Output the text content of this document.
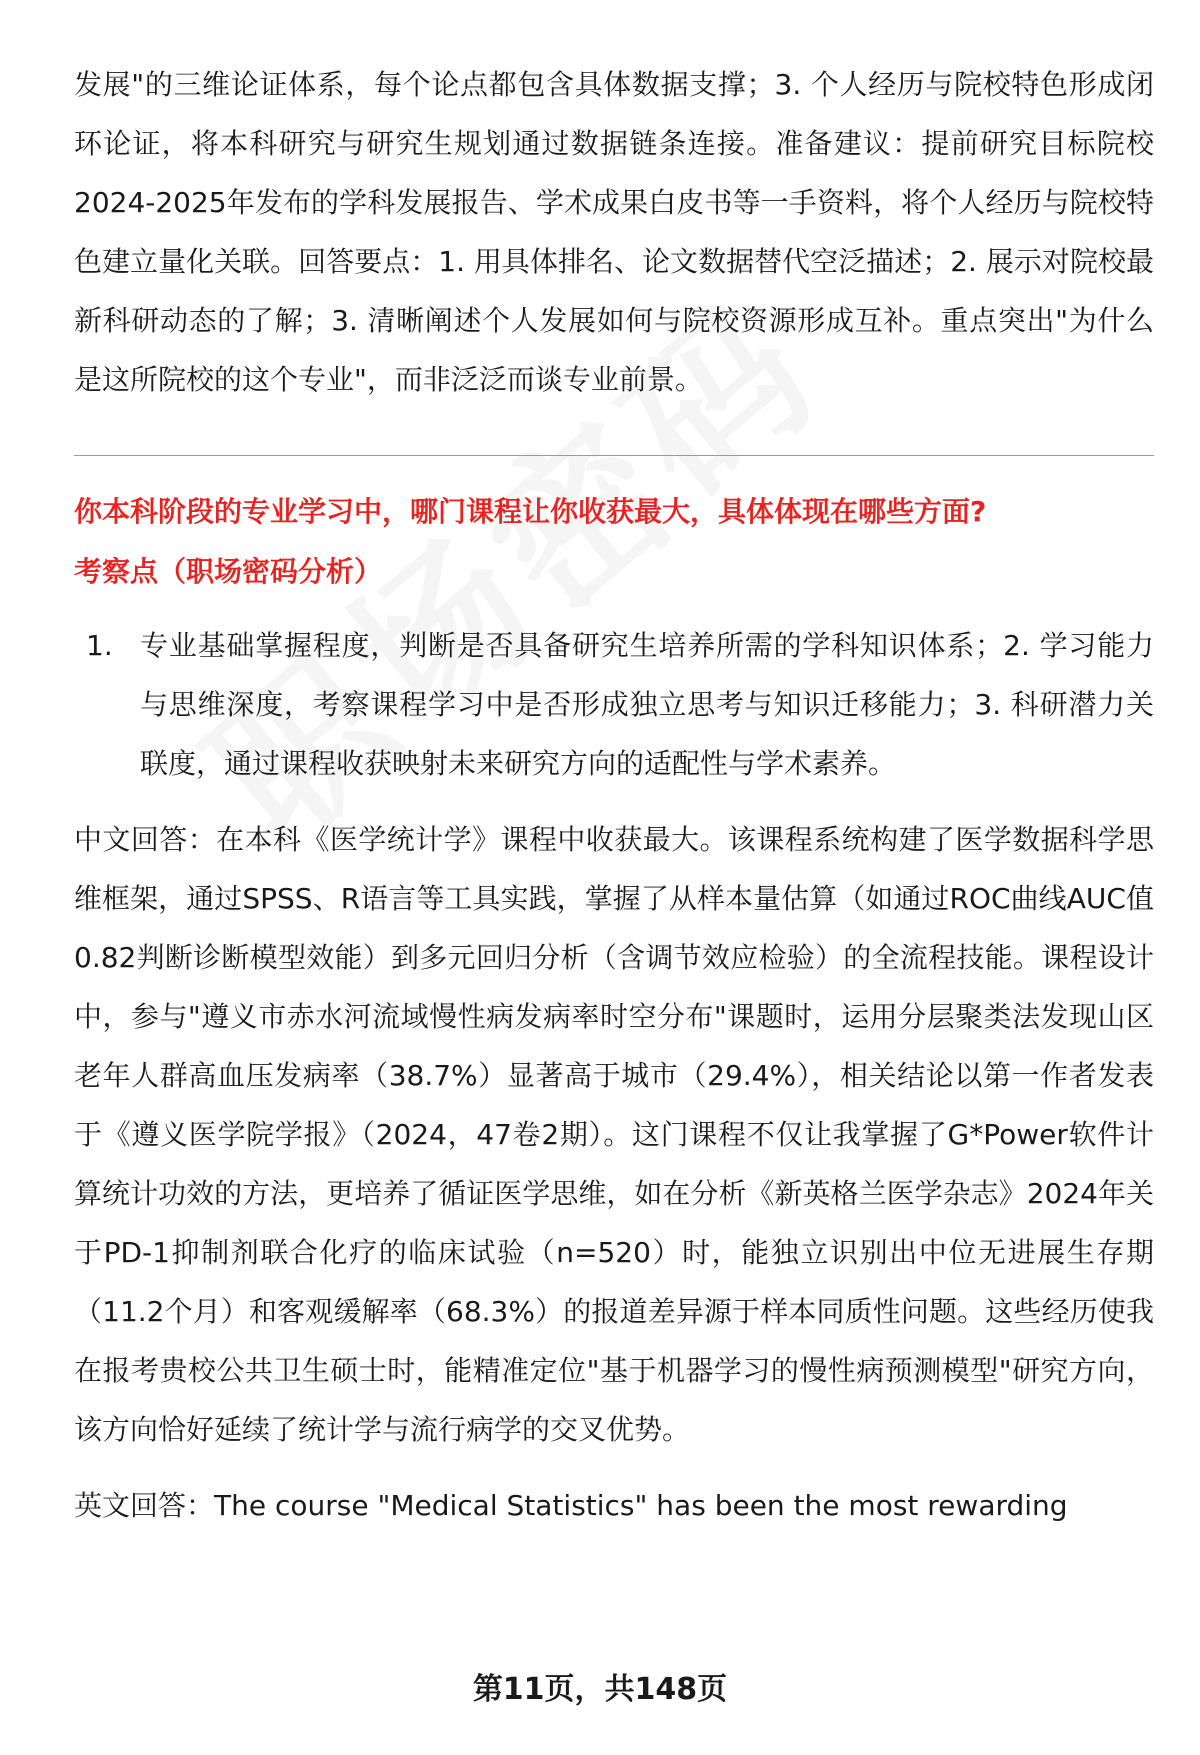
发展"的三维论证体系，每个论点都包含具体数据支撑；3. 个人经历与院校特色形成闭环论证，将本科研究与研究生规划通过数据链条连接。准备建议：提前研究目标院校2024-2025年发布的学科发展报告、学术成果白皮书等一手资料，将个人经历与院校特色建立量化关联。回答要点：1. 用具体排名、论文数据替代空泛描述；2. 展示对院校最新科研动态的了解；3. 清晰阐述个人发展如何与院校资源形成互补。重点突出"为什么是这所院校的这个专业"，而非泛泛而谈专业前景。

你本科阶段的专业学习中，哪门课程让你收获最大，具体体现在哪些方面?

考察点（职场密码分析）

1. 专业基础掌握程度，判断是否具备研究生培养所需的学科知识体系；2. 学习能力与思维深度，考察课程学习中是否形成独立思考与知识迁移能力；3. 科研潜力关联度，通过课程收获映射未来研究方向的适配性与学术素养。

中文回答：在本科《医学统计学》课程中收获最大。该课程系统构建了医学数据科学思维框架，通过SPSS、R语言等工具实践，掌握了从样本量估算（如通过ROC曲线AUC值0.82判断诊断模型效能）到多元回归分析（含调节效应检验）的全流程技能。课程设计中，参与"遵义市赤水河流域慢性病发病率时空分布"课题时，运用分层聚类法发现山区老年人群高血压发病率（38.7%）显著高于城市（29.4%），相关结论以第一作者发表于《遵义医学院学报》（2024，47卷2期）。这门课程不仅让我掌握了G*Power软件计算统计功效的方法，更培养了循证医学思维，如在分析《新英格兰医学杂志》2024年关于PD-1抑制剂联合化疗的临床试验（n=520）时，能独立识别出中位无进展生存期（11.2个月）和客观缓解率（68.3%）的报道差异源于样本同质性问题。这些经历使我在报考贵校公共卫生硕士时，能精准定位"基于机器学习的慢性病预测模型"研究方向，该方向恰好延续了统计学与流行病学的交叉优势。

英文回答：The course "Medical Statistics" has been the most rewarding

第11页，共148页
